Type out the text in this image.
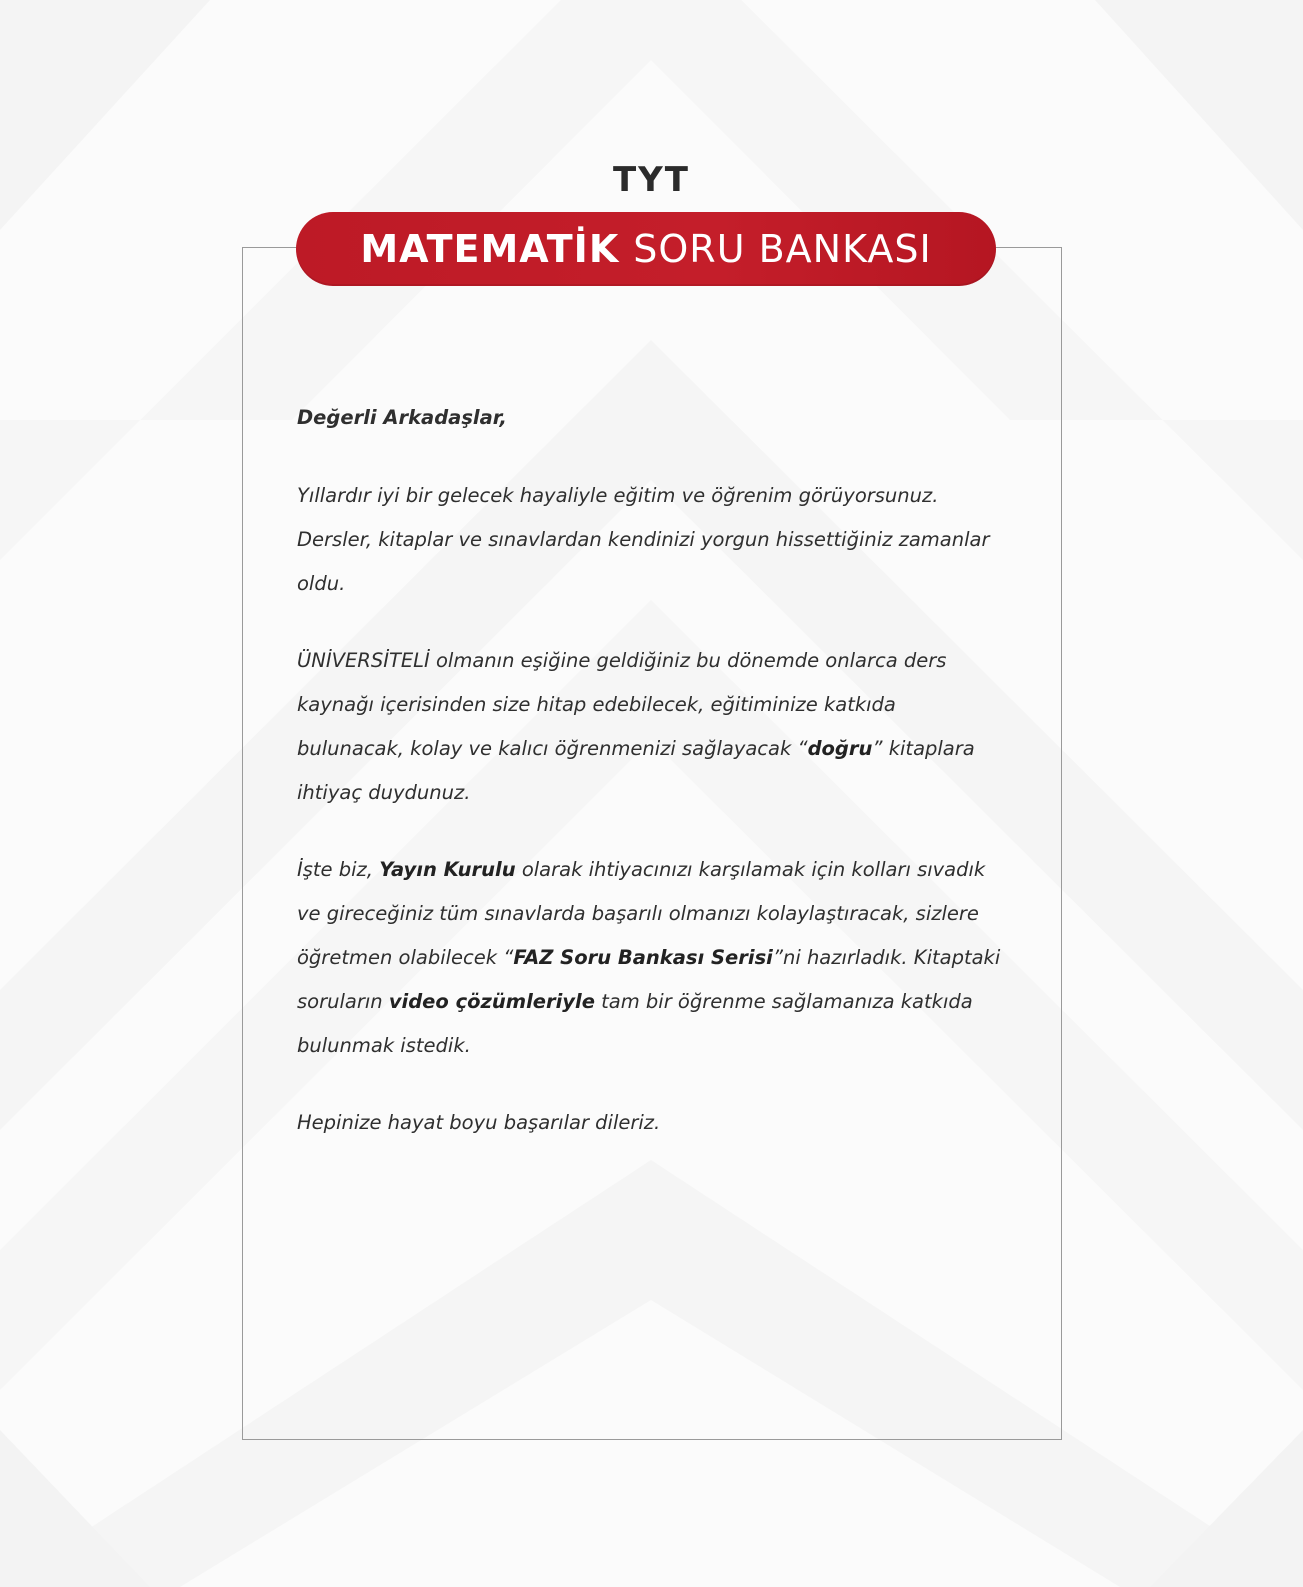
TYT
MATEMATİK SORU BANKASI

Değerli Arkadaşlar,

Yıllardır iyi bir gelecek hayaliyle eğitim ve öğrenim görüyorsunuz. Dersler, kitaplar ve sınavlardan kendinizi yorgun hissettiğiniz zamanlar oldu.

ÜNİVERSİTELİ olmanın eşiğine geldiğiniz bu dönemde onlarca ders kaynağı içerisinden size hitap edebilecek, eğitiminize katkıda bulunacak, kolay ve kalıcı öğrenmenizi sağlayacak “doğru” kitaplara ihtiyaç duydunuz.

İşte biz, Yayın Kurulu olarak ihtiyacınızı karşılamak için kolları sıvadık ve gireceğiniz tüm sınavlarda başarılı olmanızı kolaylaştıracak, sizlere öğretmen olabilecek “FAZ Soru Bankası Serisi”ni hazırladık. Kitaptaki soruların video çözümleriyle tam bir öğrenme sağlamanıza katkıda bulunmak istedik.

Hepinize hayat boyu başarılar dileriz.
